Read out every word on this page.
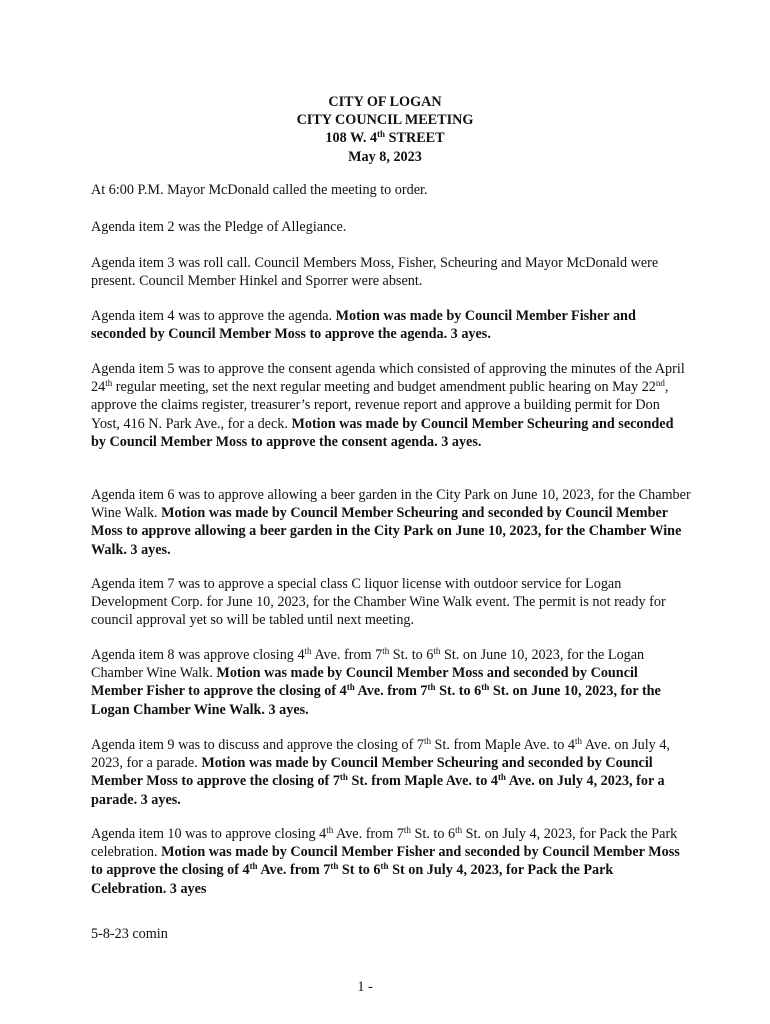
CITY OF LOGAN
CITY COUNCIL MEETING
108 W. 4th STREET
May 8, 2023
At 6:00 P.M. Mayor McDonald called the meeting to order.
Agenda item 2 was the Pledge of Allegiance.
Agenda item 3 was roll call. Council Members Moss, Fisher, Scheuring and Mayor McDonald were present. Council Member Hinkel and Sporrer were absent.
Agenda item 4 was to approve the agenda. Motion was made by Council Member Fisher and seconded by Council Member Moss to approve the agenda. 3 ayes.
Agenda item 5 was to approve the consent agenda which consisted of approving the minutes of the April 24th regular meeting, set the next regular meeting and budget amendment public hearing on May 22nd, approve the claims register, treasurer’s report, revenue report and approve a building permit for Don Yost, 416 N. Park Ave., for a deck. Motion was made by Council Member Scheuring and seconded by Council Member Moss to approve the consent agenda. 3 ayes.
Agenda item 6 was to approve allowing a beer garden in the City Park on June 10, 2023, for the Chamber Wine Walk. Motion was made by Council Member Scheuring and seconded by Council Member Moss to approve allowing a beer garden in the City Park on June 10, 2023, for the Chamber Wine Walk. 3 ayes.
Agenda item 7 was to approve a special class C liquor license with outdoor service for Logan Development Corp. for June 10, 2023, for the Chamber Wine Walk event. The permit is not ready for council approval yet so will be tabled until next meeting.
Agenda item 8 was approve closing 4th Ave. from 7th St. to 6th St. on June 10, 2023, for the Logan Chamber Wine Walk. Motion was made by Council Member Moss and seconded by Council Member Fisher to approve the closing of 4th Ave. from 7th St. to 6th St. on June 10, 2023, for the Logan Chamber Wine Walk. 3 ayes.
Agenda item 9 was to discuss and approve the closing of 7th St. from Maple Ave. to 4th Ave. on July 4, 2023, for a parade. Motion was made by Council Member Scheuring and seconded by Council Member Moss to approve the closing of 7th St. from Maple Ave. to 4th Ave. on July 4, 2023, for a parade. 3 ayes.
Agenda item 10 was to approve closing 4th Ave. from 7th St. to 6th St. on July 4, 2023, for Pack the Park celebration. Motion was made by Council Member Fisher and seconded by Council Member Moss to approve the closing of 4th Ave. from 7th St to 6th St on July 4, 2023, for Pack the Park Celebration. 3 ayes
5-8-23 comin
1 -
